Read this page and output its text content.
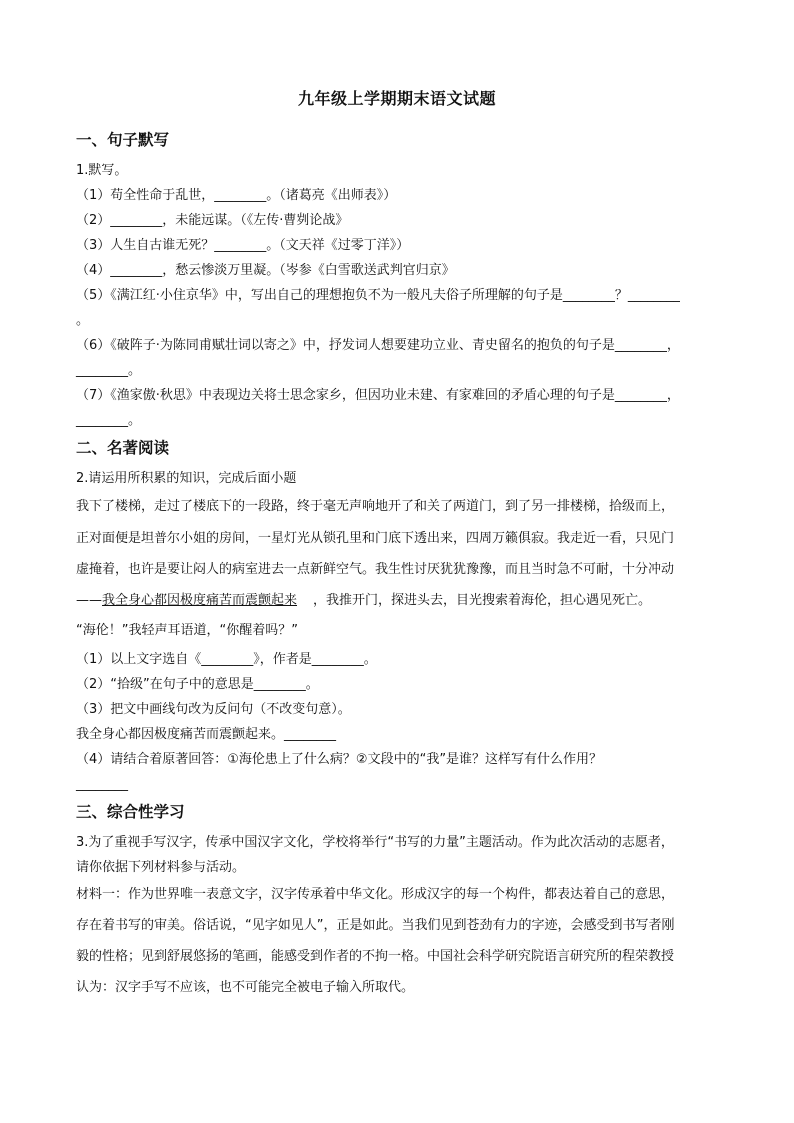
九年级上学期期末语文试题
一、句子默写
1.默写。
（1）苟全性命于乱世，________。（诸葛亮《出师表》）
（2）________，未能远谋。（《左传·曹刿论战》
（3）人生自古谁无死？________。（文天祥《过零丁洋》）
（4）________，愁云惨淡万里凝。（岑参《白雪歌送武判官归京》
（5）《满江红·小住京华》中，写出自己的理想抱负不为一般凡夫俗子所理解的句子是________？________
。
（6）《破阵子·为陈同甫赋壮词以寄之》中，抒发词人想要建功立业、青史留名的抱负的句子是________，
________。
（7）《渔家傲·秋思》中表现边关将士思念家乡，但因功业未建、有家难回的矛盾心理的句子是________，
________。
二、名著阅读
2.请运用所积累的知识，完成后面小题
我下了楼梯，走过了楼底下的一段路，终于毫无声响地开了和关了两道门，到了另一排楼梯，拾级而上，
正对面便是坦普尔小姐的房间，一星灯光从锁孔里和门底下透出来，四周万籁俱寂。我走近一看，只见门
虚掩着，也许是要让闷人的病室进去一点新鲜空气。我生性讨厌犹犹豫豫，而且当时急不可耐，十分冲动
——我全身心都因极度痛苦而震颤起来 ，我推开门，探进头去，目光搜索着海伦，担心遇见死亡。
“海伦！”我轻声耳语道，“你醒着吗？”
（1）以上文字选自《________》，作者是________。
（2）“拾级”在句子中的意思是________。
（3）把文中画线句改为反问句（不改变句意）。
我全身心都因极度痛苦而震颤起来。________
（4）请结合着原著回答：①海伦患上了什么病？②文段中的“我”是谁？这样写有什么作用？
________
三、综合性学习
3.为了重视手写汉字，传承中国汉字文化，学校将举行“书写的力量”主题活动。作为此次活动的志愿者，
请你依据下列材料参与活动。
材料一：作为世界唯一表意文字，汉字传承着中华文化。形成汉字的每一个构件，都表达着自己的意思，
存在着书写的审美。俗话说，“见字如见人”，正是如此。当我们见到苍劲有力的字迹，会感受到书写者刚
毅的性格；见到舒展悠扬的笔画，能感受到作者的不拘一格。中国社会科学研究院语言研究所的程荣教授
认为：汉字手写不应该，也不可能完全被电子输入所取代。
